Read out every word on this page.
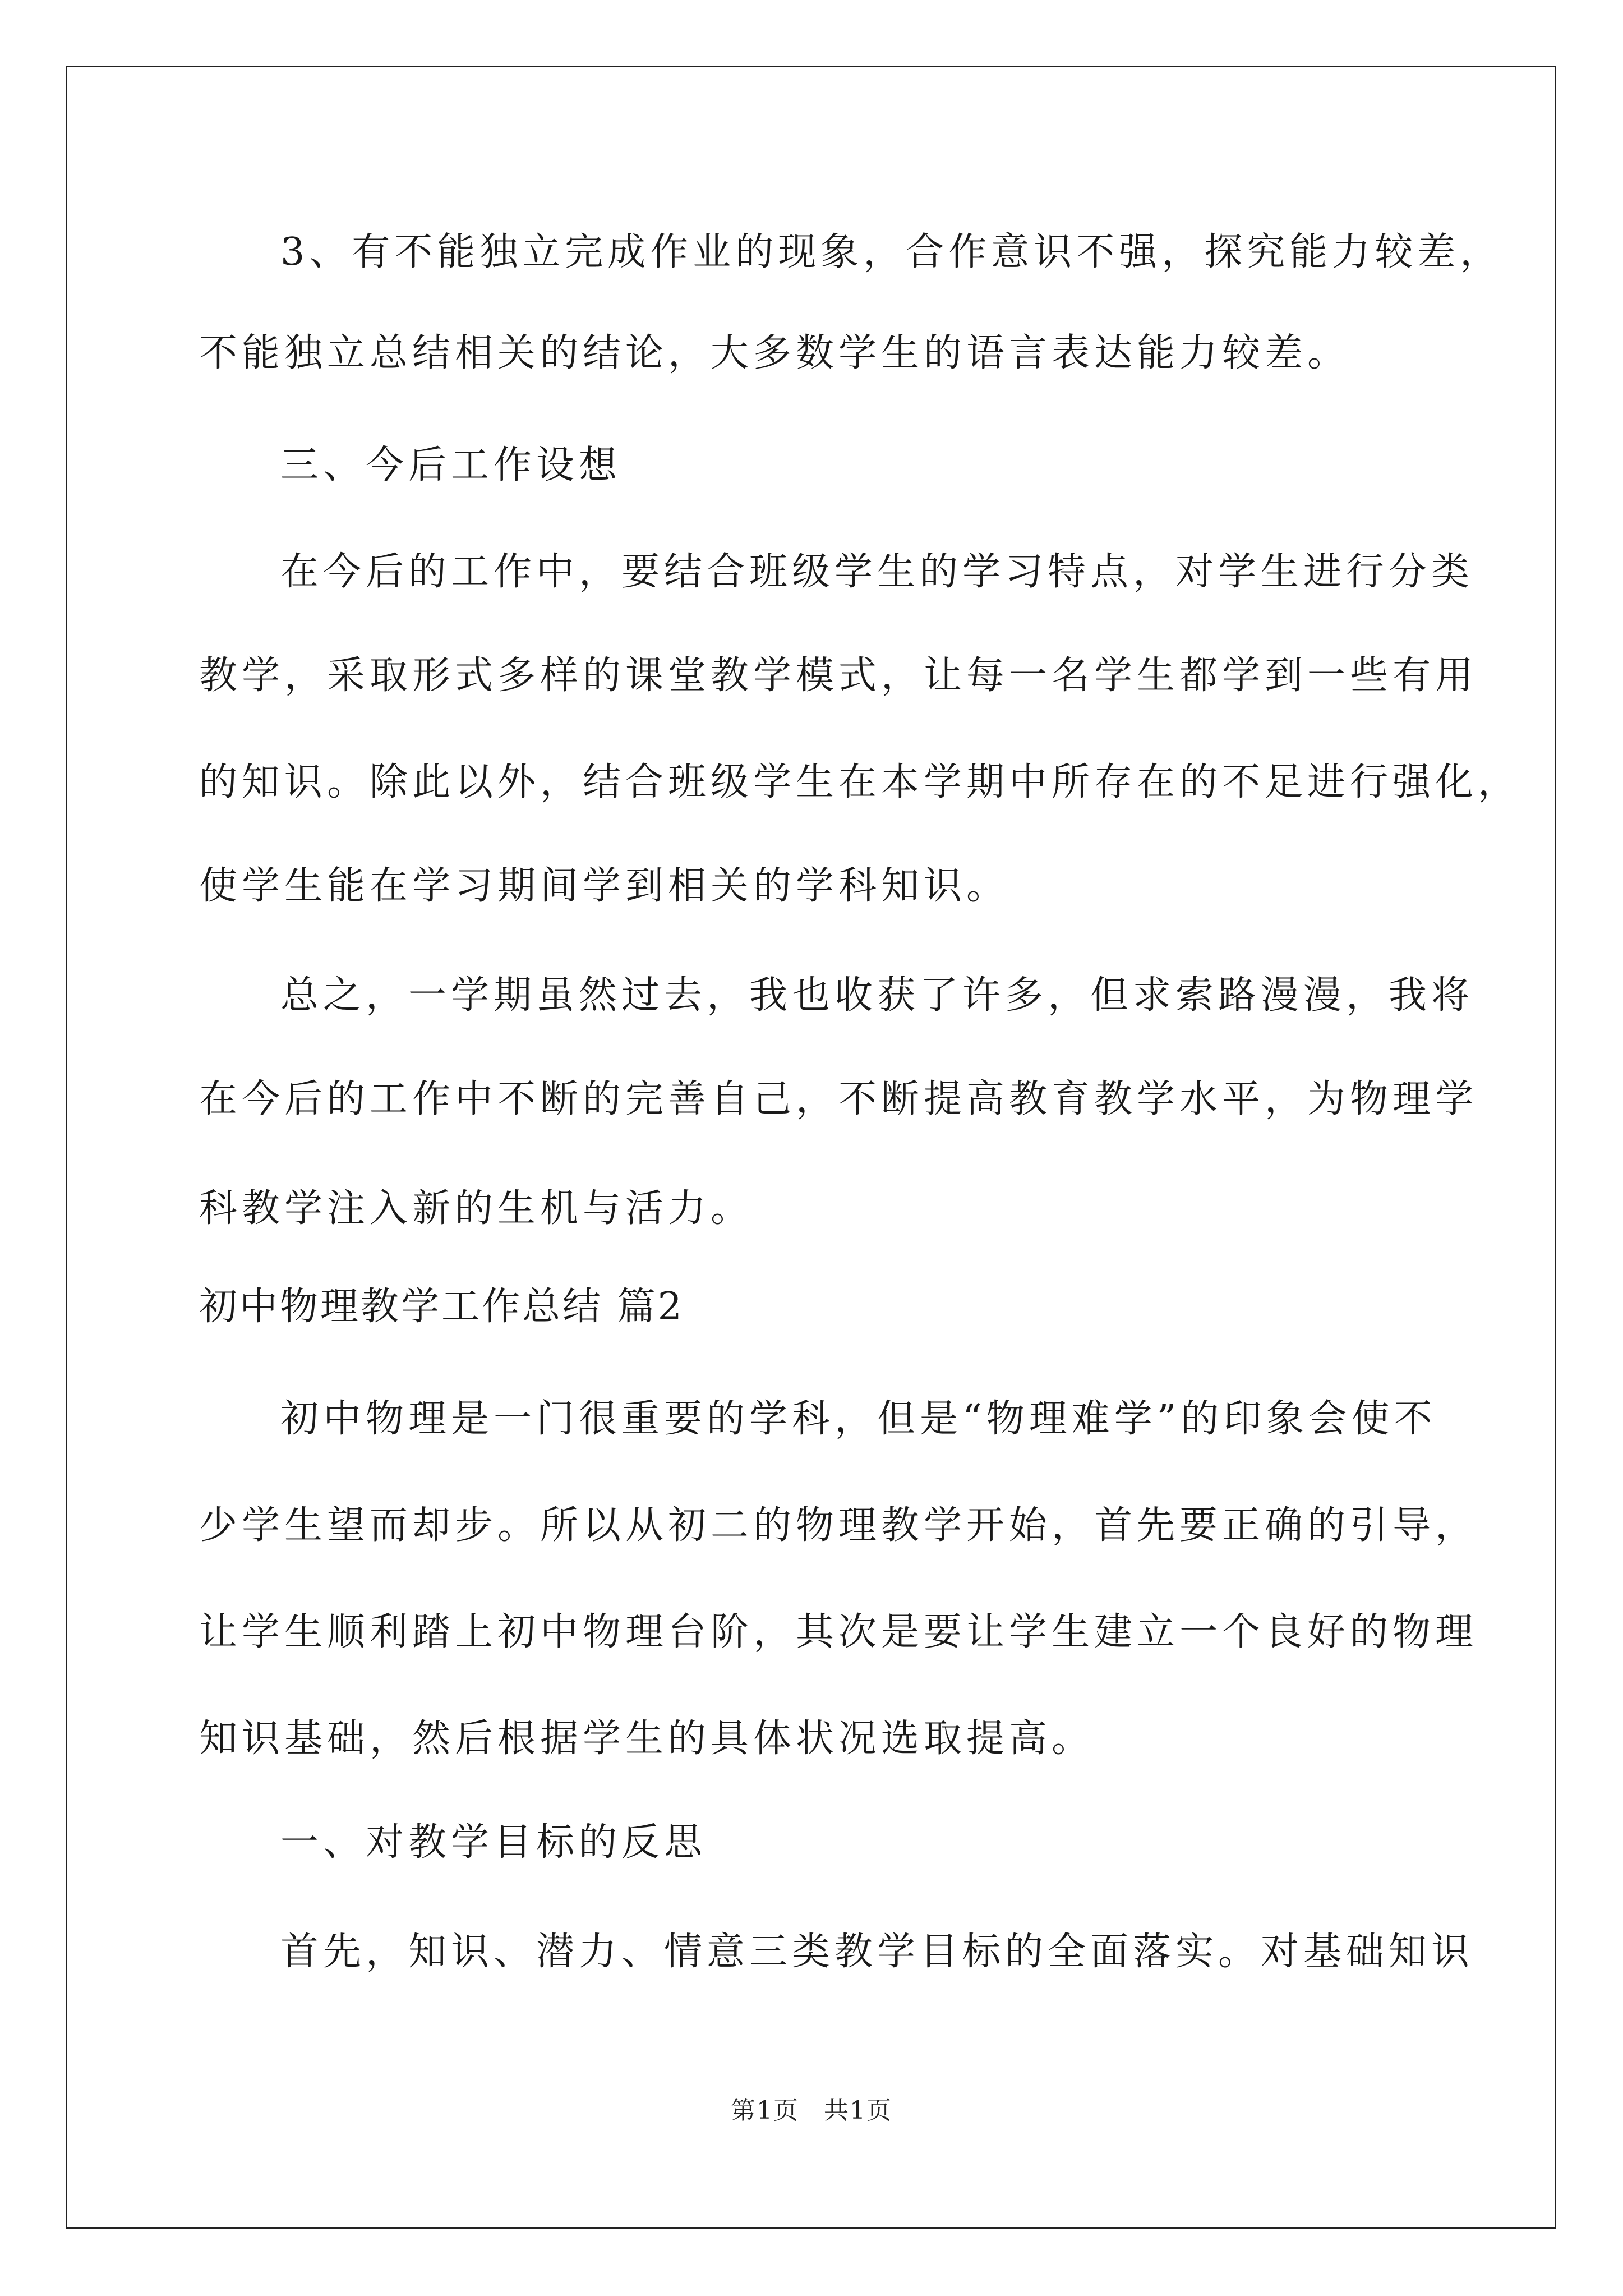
3、有不能独立完成作业的现象，合作意识不强，探究能力较差，

不能独立总结相关的结论，大多数学生的语言表达能力较差。

三、今后工作设想

在今后的工作中，要结合班级学生的学习特点，对学生进行分类

教学，采取形式多样的课堂教学模式，让每一名学生都学到一些有用

的知识。除此以外，结合班级学生在本学期中所存在的不足进行强化，

使学生能在学习期间学到相关的学科知识。

总之，一学期虽然过去，我也收获了许多，但求索路漫漫，我将

在今后的工作中不断的完善自己，不断提高教育教学水平，为物理学

科教学注入新的生机与活力。

初中物理教学工作总结 篇2

初中物理是一门很重要的学科，但是“物理难学”的印象会使不

少学生望而却步。所以从初二的物理教学开始，首先要正确的引导，

让学生顺利踏上初中物理台阶，其次是要让学生建立一个良好的物理

知识基础，然后根据学生的具体状况选取提高。

一、对教学目标的反思

首先，知识、潜力、情意三类教学目标的全面落实。对基础知识

第1页 共1页
